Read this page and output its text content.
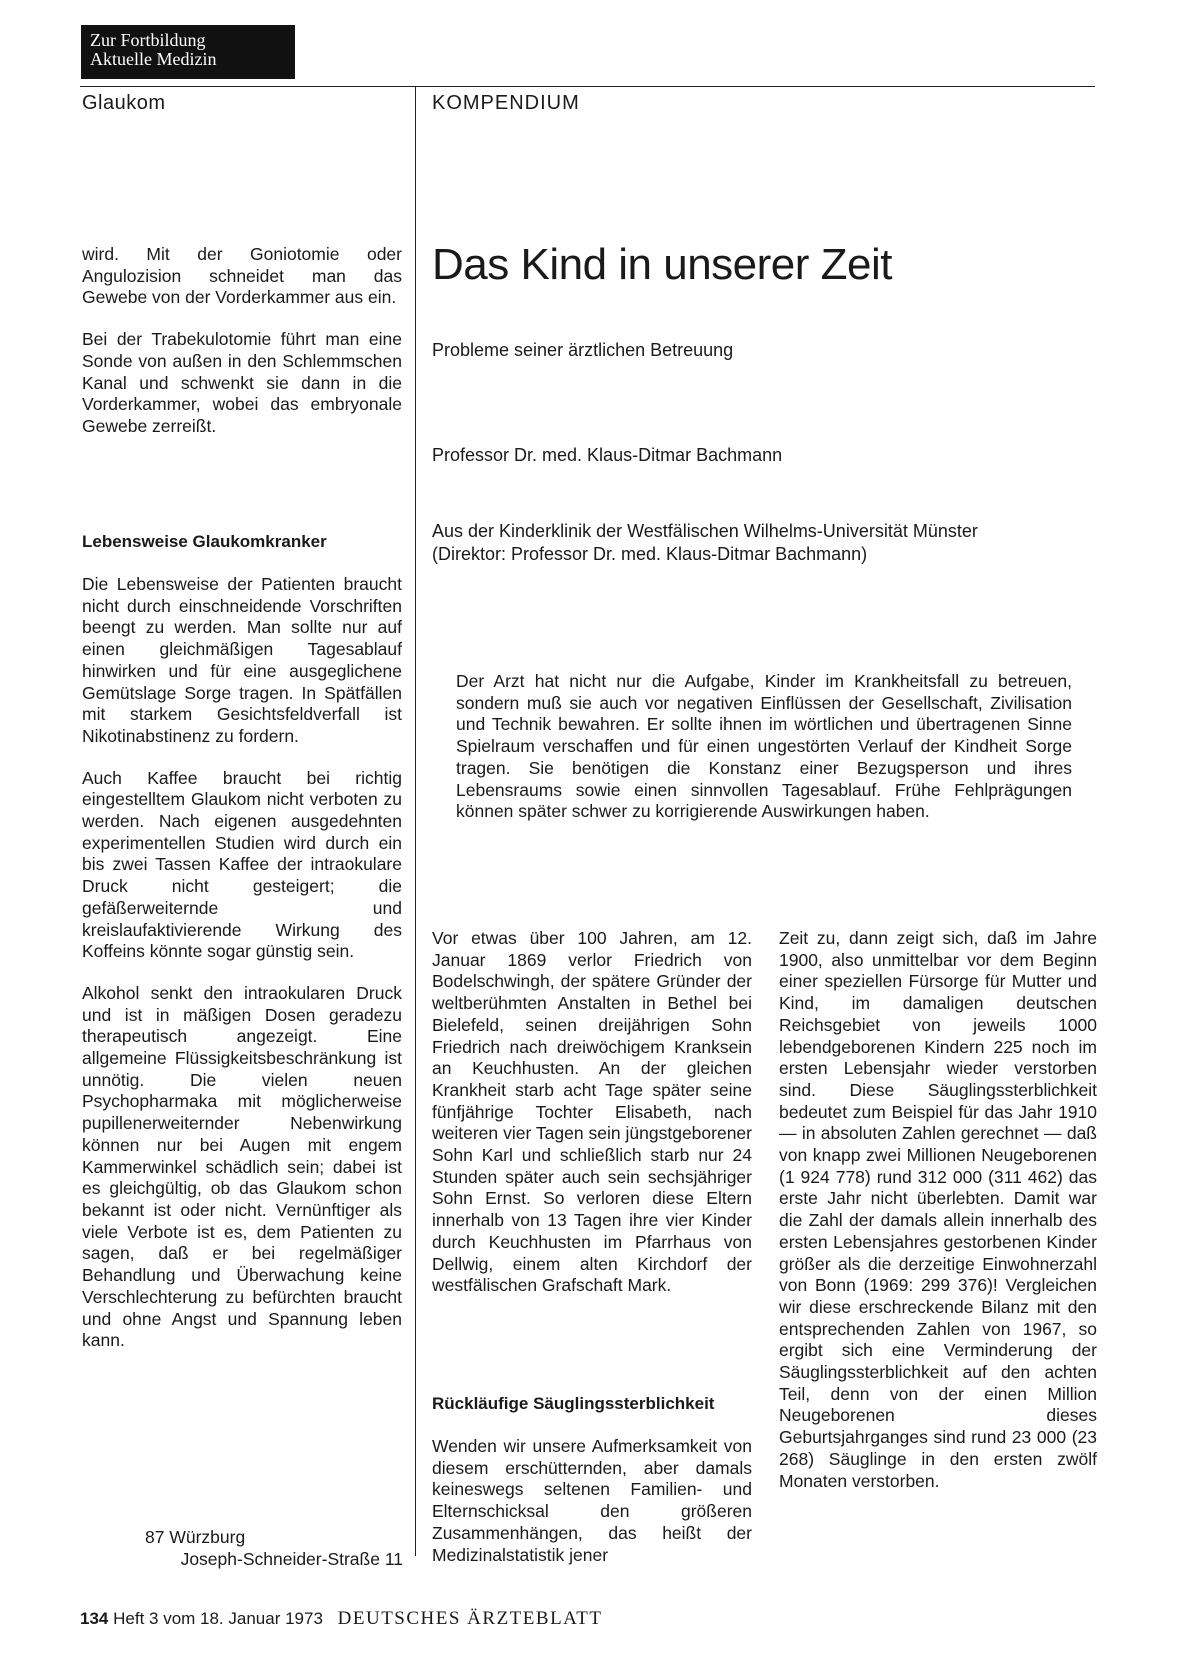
Zur Fortbildung
Aktuelle Medizin
Glaukom	KOMPENDIUM

wird. Mit der Goniotomie oder Angulozision schneidet man das Gewebe von der Vorderkammer aus ein.

Bei der Trabekulotomie führt man eine Sonde von außen in den Schlemmschen Kanal und schwenkt sie dann in die Vorderkammer, wobei das embryonale Gewebe zerreißt.

Lebensweise Glaukomkranker

Die Lebensweise der Patienten braucht nicht durch einschneidende Vorschriften beengt zu werden. Man sollte nur auf einen gleichmäßigen Tagesablauf hinwirken und für eine ausgeglichene Gemütslage Sorge tragen. In Spätfällen mit starkem Gesichtsfeldverfall ist Nikotinabstinenz zu fordern.

Auch Kaffee braucht bei richtig eingestelltem Glaukom nicht verboten zu werden. Nach eigenen ausgedehnten experimentellen Studien wird durch ein bis zwei Tassen Kaffee der intraokulare Druck nicht gesteigert; die gefäßerweiternde und kreislaufaktivierende Wirkung des Koffeins könnte sogar günstig sein.

Alkohol senkt den intraokularen Druck und ist in mäßigen Dosen geradezu therapeutisch angezeigt. Eine allgemeine Flüssigkeitsbeschränkung ist unnötig. Die vielen neuen Psychopharmaka mit möglicherweise pupillenerweiternder Nebenwirkung können nur bei Augen mit engem Kammerwinkel schädlich sein; dabei ist es gleichgültig, ob das Glaukom schon bekannt ist oder nicht. Vernünftiger als viele Verbote ist es, dem Patienten zu sagen, daß er bei regelmäßiger Behandlung und Überwachung keine Verschlechterung zu befürchten braucht und ohne Angst und Spannung leben kann.

87 Würzburg
Joseph-Schneider-Straße 11
Das Kind in unserer Zeit
Probleme seiner ärztlichen Betreuung
Professor Dr. med. Klaus-Ditmar Bachmann
Aus der Kinderklinik der Westfälischen Wilhelms-Universität Münster
(Direktor: Professor Dr. med. Klaus-Ditmar Bachmann)
Der Arzt hat nicht nur die Aufgabe, Kinder im Krankheitsfall zu betreuen, sondern muß sie auch vor negativen Einflüssen der Gesellschaft, Zivilisation und Technik bewahren. Er sollte ihnen im wörtlichen und übertragenen Sinne Spielraum verschaffen und für einen ungestörten Verlauf der Kindheit Sorge tragen. Sie benötigen die Konstanz einer Bezugsperson und ihres Lebensraums sowie einen sinnvollen Tagesablauf. Frühe Fehlprägungen können später schwer zu korrigierende Auswirkungen haben.

Vor etwas über 100 Jahren, am 12. Januar 1869 verlor Friedrich von Bodelschwingh, der spätere Gründer der weltberühmten Anstalten in Bethel bei Bielefeld, seinen dreijährigen Sohn Friedrich nach dreiwöchigem Kranksein an Keuchhusten. An der gleichen Krankheit starb acht Tage später seine fünfjährige Tochter Elisabeth, nach weiteren vier Tagen sein jüngstgeborener Sohn Karl und schließlich starb nur 24 Stunden später auch sein sechsjähriger Sohn Ernst. So verloren diese Eltern innerhalb von 13 Tagen ihre vier Kinder durch Keuchhusten im Pfarrhaus von Dellwig, einem alten Kirchdorf der westfälischen Grafschaft Mark.

Rückläufige Säuglingssterblichkeit

Wenden wir unsere Aufmerksamkeit von diesem erschütternden, aber damals keineswegs seltenen Familien- und Elternschicksal den größeren Zusammenhängen, das heißt der Medizinalstatistik jener

Zeit zu, dann zeigt sich, daß im Jahre 1900, also unmittelbar vor dem Beginn einer speziellen Fürsorge für Mutter und Kind, im damaligen deutschen Reichsgebiet von jeweils 1000 lebendgeborenen Kindern 225 noch im ersten Lebensjahr wieder verstorben sind. Diese Säuglingssterblichkeit bedeutet zum Beispiel für das Jahr 1910 — in absoluten Zahlen gerechnet — daß von knapp zwei Millionen Neugeborenen (1 924 778) rund 312 000 (311 462) das erste Jahr nicht überlebten. Damit war die Zahl der damals allein innerhalb des ersten Lebensjahres gestorbenen Kinder größer als die derzeitige Einwohnerzahl von Bonn (1969: 299 376)! Vergleichen wir diese erschreckende Bilanz mit den entsprechenden Zahlen von 1967, so ergibt sich eine Verminderung der Säuglingssterblichkeit auf den achten Teil, denn von der einen Million Neugeborenen dieses Geburtsjahrganges sind rund 23 000 (23 268) Säuglinge in den ersten zwölf Monaten verstorben.

134 Heft 3 vom 18. Januar 1973 DEUTSCHES ÄRZTEBLATT
